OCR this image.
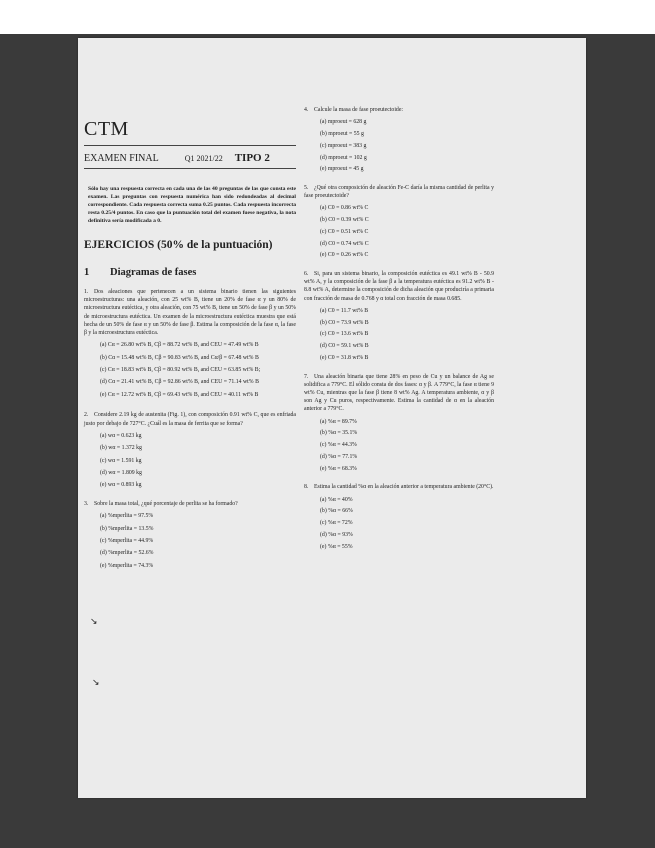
CTM
EXAMEN FINAL	Q1 2021/22 TIPO 2

Sólo hay una respuesta correcta en cada una de las 40 preguntas de las que consta este examen. Las preguntas con respuesta numérica han sido redondeadas al decimal correspondiente. Cada respuesta correcta suma 0.25 puntos. Cada respuesta incorrecta resta 0.25/4 puntos. En caso que la puntuación total del examen fuese negativa, la nota definitiva sería modificada a 0.

EJERCICIOS (50% de la puntuación)
1 Diagramas de fases
1. Dos aleaciones que pertenecen a un sistema binario tienen las siguientes microestructuras: una aleación, con 25 wt% B, tiene un 20% de fase α y un 80% de microestructura eutéctica, y otra aleación, con 75 wt% B, tiene un 50% de fase β y un 50% de microestructura eutéctica. Un examen de la microestructura eutéctica muestra que está hecha de un 50% de fase α y un 50% de fase β. Estima la composición de la fase α, la fase β y la microestructura eutéctica.
(a) Cα = 26.80 wt% B, Cβ = 88.72 wt% B, and CEU = 47.49 wt% B
(b) Cα = 15.48 wt% B, Cβ = 90.83 wt% B, and Cα/β = 67.48 wt% B
(c) Cα = 18.83 wt% B, Cβ = 80.92 wt% B, and CEU = 63.85 wt% B;
(d) Cα = 21.41 wt% B, Cβ = 92.86 wt% B, and CEU = 71.14 wt% B
(e) Cα = 12.72 wt% B, Cβ = 69.43 wt% B, and CEU = 40.11 wt% B
2. Considere 2.19 kg de austenita (Fig. 1), con composición 0.91 wt% C, que es enfriada justo por debajo de 727°C. ¿Cuál es la masa de ferrita que se forma?
(a) wα = 0.623 kg
(b) wα = 1.372 kg
(c) wα = 1.591 kg
(d) wα = 1.809 kg
(e) wα = 0.893 kg
3. Sobre la masa total, ¿qué porcentaje de perlita se ha formado?
(a) %mperlita = 97.5%
(b) %mperlita = 13.5%
(c) %mperlita = 44.9%
(d) %mperlita = 52.6%
(e) %mperlita = 74.3%
↘
↘
4. Calcule la masa de fase proeutectoide:
(a) mproeut = 628 g
(b) mproeut = 55 g
(c) mproeut = 383 g
(d) mproeut = 102 g
(e) mproeut = 45 g
5. ¿Qué otra composición de aleación Fe-C daría la misma cantidad de perlita y fase proeutectoide?
(a) C0 = 0.86 wt% C
(b) C0 = 0.39 wt% C
(c) C0 = 0.51 wt% C
(d) C0 = 0.74 wt% C
(e) C0 = 0.26 wt% C
6. Si, para un sistema binario, la composición eutéctica es 49.1 wt% B - 50.9 wt% A, y la composición de la fase β a la temperatura eutéctica es 91.2 wt% B - 8.8 wt% A, determine la composición de dicha aleación que produciría a primaria con fracción de masa de 0.768 y α total con fracción de masa 0.685.
(a) C0 = 11.7 wt% B
(b) C0 = 73.9 wt% B
(c) C0 = 13.6 wt% B
(d) C0 = 59.1 wt% B
(e) C0 = 31.8 wt% B
7. Una aleación binaria que tiene 28% en peso de Cu y un balance de Ag se solidifica a 779°C. El sólido consta de dos fases: α y β. A 779°C, la fase α tiene 9 wt% Cu, mientras que la fase β tiene 8 wt% Ag. A temperatura ambiente, α y β son Ag y Cu puros, respectivamente. Estima la cantidad de α en la aleación anterior a 779°C.
(a) %α = 89.7%
(b) %α = 35.1%
(c) %α = 44.3%
(d) %α = 77.1%
(e) %α = 68.3%
8. Estima la cantidad %α en la aleación anterior a temperatura ambiente (20°C).
(a) %α = 40%
(b) %α = 66%
(c) %α = 72%
(d) %α = 93%
(e) %α = 55%
